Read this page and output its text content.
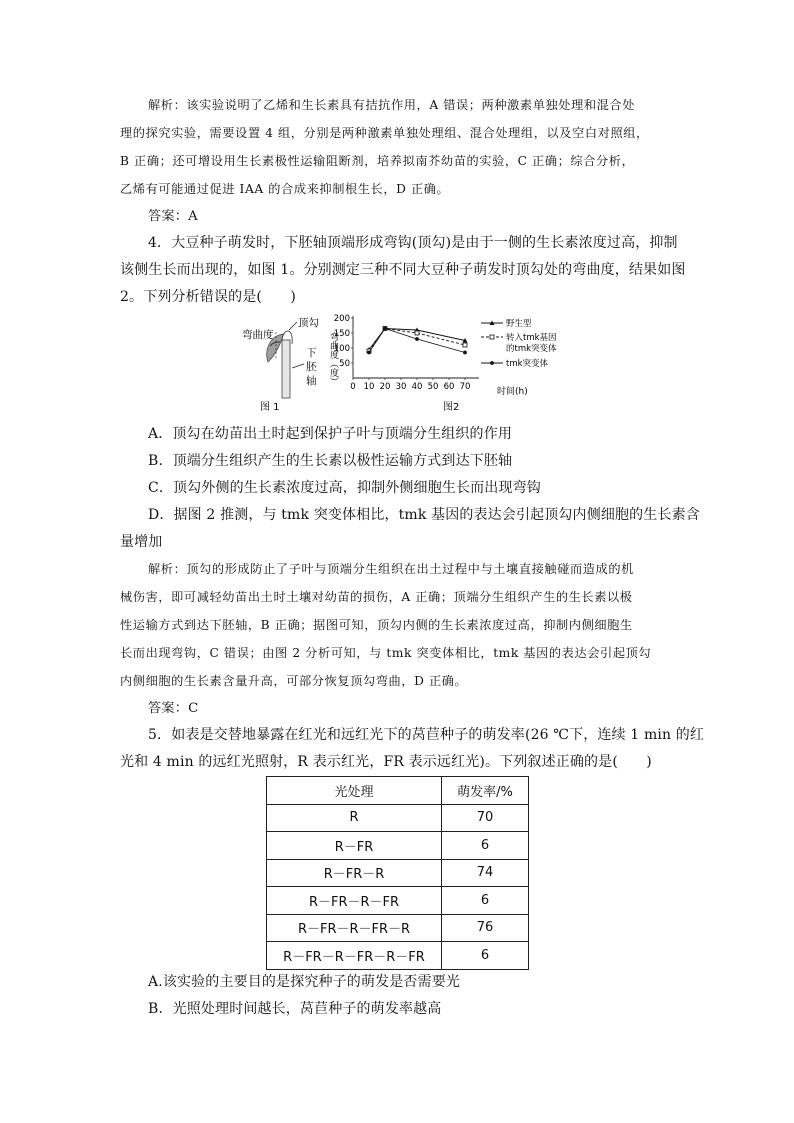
解析：该实验说明了乙烯和生长素具有拮抗作用，A 错误；两种激素单独处理和混合处
理的探究实验，需要设置 4 组，分别是两种激素单独处理组、混合处理组，以及空白对照组，
B 正确；还可增设用生长素极性运输阻断剂，培养拟南芥幼苗的实验，C 正确；综合分析，
乙烯有可能通过促进 IAA 的合成来抑制根生长，D 正确。
答案：A
4．大豆种子萌发时，下胚轴顶端形成弯钩(顶勾)是由于一侧的生长素浓度过高，抑制
该侧生长而出现的，如图 1。分别测定三种不同大豆种子萌发时顶勾处的弯曲度，结果如图
2。下列分析错误的是(　　)
弯曲度
顶勾
下
胚
轴
图 1
0 10 20 30 40 50 60 70
50
100
150
200	野生型
转入tmk基因的tmk突变体
tmk突变体
弯曲度（度）
时间(h)
图2
A．顶勾在幼苗出土时起到保护子叶与顶端分生组织的作用
B．顶端分生组织产生的生长素以极性运输方式到达下胚轴
C．顶勾外侧的生长素浓度过高，抑制外侧细胞生长而出现弯钩
D．据图 2 推测，与 tmk 突变体相比，tmk 基因的表达会引起顶勾内侧细胞的生长素含
量增加
解析：顶勾的形成防止了子叶与顶端分生组织在出土过程中与土壤直接触碰而造成的机
械伤害，即可减轻幼苗出土时土壤对幼苗的损伤，A 正确；顶端分生组织产生的生长素以极
性运输方式到达下胚轴，B 正确；据图可知，顶勾内侧的生长素浓度过高，抑制内侧细胞生
长而出现弯钩，C 错误；由图 2 分析可知，与 tmk 突变体相比，tmk 基因的表达会引起顶勾
内侧细胞的生长素含量升高，可部分恢复顶勾弯曲，D 正确。
答案：C
5．如表是交替地暴露在红光和远红光下的莴苣种子的萌发率(26 ℃下，连续 1 min 的红
光和 4 min 的远红光照射，R 表示红光，FR 表示远红光)。下列叙述正确的是(　　)
光处理	萌发率/%
R	70
R－FR	6
R－FR－R	74
R－FR－R－FR	6
R－FR－R－FR－R	76
R－FR－R－FR－R－FR	6
A.该实验的主要目的是探究种子的萌发是否需要光
B．光照处理时间越长，莴苣种子的萌发率越高
